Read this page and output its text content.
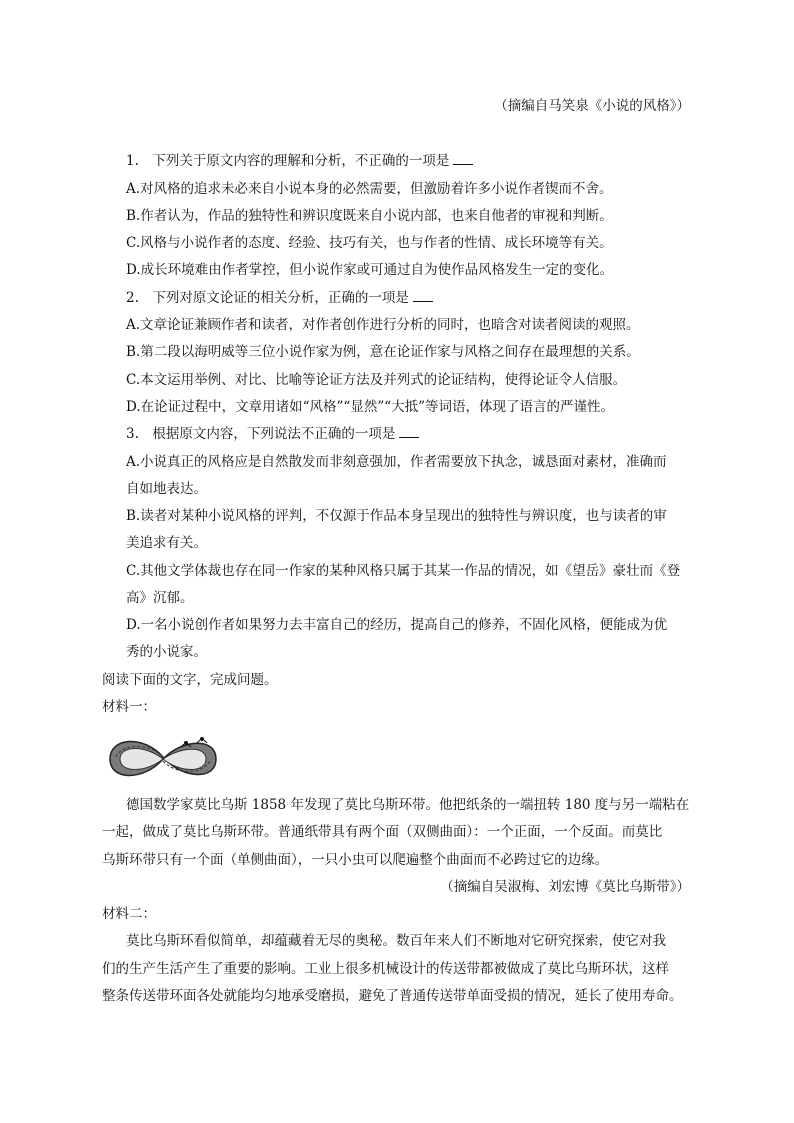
（摘编自马笑泉《小说的风格》）
1.　下列关于原文内容的理解和分析，不正确的一项是
A.对风格的追求未必来自小说本身的必然需要，但激励着许多小说作者锲而不舍。
B.作者认为，作品的独特性和辨识度既来自小说内部，也来自他者的审视和判断。
C.风格与小说作者的态度、经验、技巧有关，也与作者的性情、成长环境等有关。
D.成长环境难由作者掌控，但小说作家或可通过自为使作品风格发生一定的变化。
2.　下列对原文论证的相关分析，正确的一项是
A.文章论证兼顾作者和读者，对作者创作进行分析的同时，也暗含对读者阅读的观照。
B.第二段以海明威等三位小说作家为例，意在论证作家与风格之间存在最理想的关系。
C.本文运用举例、对比、比喻等论证方法及并列式的论证结构，使得论证令人信服。
D.在论证过程中，文章用诸如“风格”“显然”“大抵”等词语，体现了语言的严谨性。
3.　根据原文内容，下列说法不正确的一项是
A.小说真正的风格应是自然散发而非刻意强加，作者需要放下执念，诚恳面对素材，准确而
自如地表达。
B.读者对某种小说风格的评判，不仅源于作品本身呈现出的独特性与辨识度，也与读者的审
美追求有关。
C.其他文学体裁也存在同一作家的某种风格只属于其某一作品的情况，如《望岳》豪壮而《登
高》沉郁。
D.一名小说创作者如果努力去丰富自己的经历，提高自己的修养，不固化风格，便能成为优
秀的小说家。
阅读下面的文字，完成问题。
材料一：
德国数学家莫比乌斯 1858 年发现了莫比乌斯环带。他把纸条的一端扭转 180 度与另一端粘在
一起，做成了莫比乌斯环带。普通纸带具有两个面（双侧曲面）：一个正面，一个反面。而莫比
乌斯环带只有一个面（单侧曲面），一只小虫可以爬遍整个曲面而不必跨过它的边缘。
（摘编自吴淑梅、刘宏博《莫比乌斯带》）
材料二：
莫比乌斯环看似简单，却蕴藏着无尽的奥秘。数百年来人们不断地对它研究探索，使它对我
们的生产生活产生了重要的影响。工业上很多机械设计的传送带都被做成了莫比乌斯环状，这样
整条传送带环面各处就能均匀地承受磨损，避免了普通传送带单面受损的情况，延长了使用寿命。
